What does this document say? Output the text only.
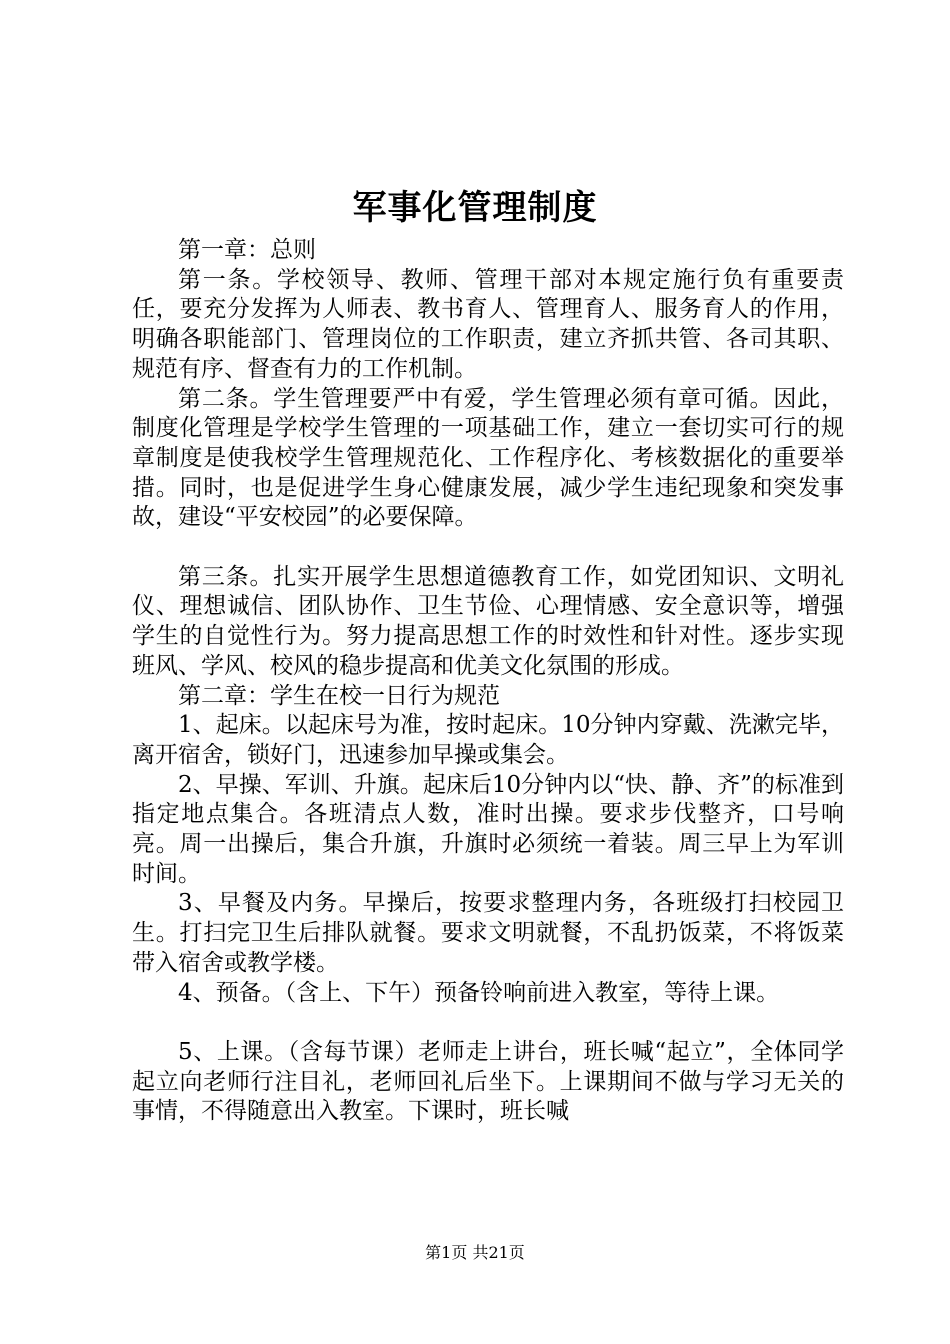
军事化管理制度

第一章：总则

第一条。学校领导、教师、管理干部对本规定施行负有重要责任，要充分发挥为人师表、教书育人、管理育人、服务育人的作用，明确各职能部门、管理岗位的工作职责，建立齐抓共管、各司其职、规范有序、督查有力的工作机制。

第二条。学生管理要严中有爱，学生管理必须有章可循。因此，制度化管理是学校学生管理的一项基础工作，建立一套切实可行的规章制度是使我校学生管理规范化、工作程序化、考核数据化的重要举措。同时，也是促进学生身心健康发展，减少学生违纪现象和突发事故，建设“平安校园”的必要保障。

第三条。扎实开展学生思想道德教育工作，如党团知识、文明礼仪、理想诚信、团队协作、卫生节俭、心理情感、安全意识等，增强学生的自觉性行为。努力提高思想工作的时效性和针对性。逐步实现班风、学风、校风的稳步提高和优美文化氛围的形成。

第二章：学生在校一日行为规范

1、起床。以起床号为准，按时起床。10分钟内穿戴、洗漱完毕，离开宿舍，锁好门，迅速参加早操或集会。

2、早操、军训、升旗。起床后10分钟内以“快、静、齐”的标准到指定地点集合。各班清点人数，准时出操。要求步伐整齐，口号响亮。周一出操后，集合升旗，升旗时必须统一着装。周三早上为军训时间。

3、早餐及内务。早操后，按要求整理内务，各班级打扫校园卫生。打扫完卫生后排队就餐。要求文明就餐，不乱扔饭菜，不将饭菜带入宿舍或教学楼。

4、预备。（含上、下午）预备铃响前进入教室，等待上课。

5、上课。（含每节课）老师走上讲台，班长喊“起立”，全体同学起立向老师行注目礼，老师回礼后坐下。上课期间不做与学习无关的事情，不得随意出入教室。下课时，班长喊

第1页 共21页
